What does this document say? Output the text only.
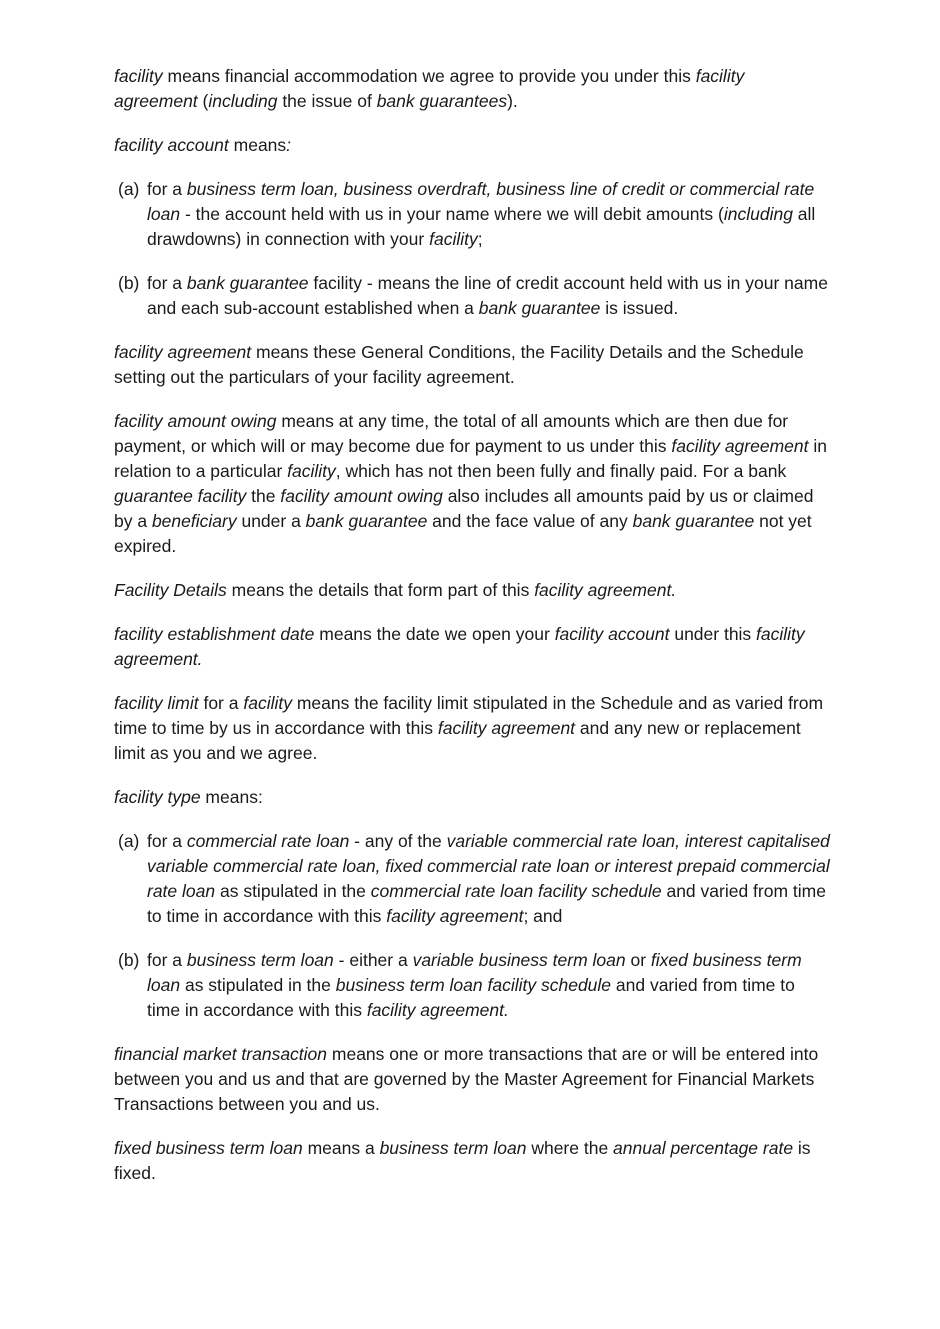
facility means financial accommodation we agree to provide you under this facility agreement (including the issue of bank guarantees).

facility account means:

(a) for a business term loan, business overdraft, business line of credit or commercial rate loan - the account held with us in your name where we will debit amounts (including all drawdowns) in connection with your facility;
(b) for a bank guarantee facility - means the line of credit account held with us in your name and each sub-account established when a bank guarantee is issued.

facility agreement means these General Conditions, the Facility Details and the Schedule setting out the particulars of your facility agreement.

facility amount owing means at any time, the total of all amounts which are then due for payment, or which will or may become due for payment to us under this facility agreement in relation to a particular facility, which has not then been fully and finally paid. For a bank guarantee facility the facility amount owing also includes all amounts paid by us or claimed by a beneficiary under a bank guarantee and the face value of any bank guarantee not yet expired.

Facility Details means the details that form part of this facility agreement.

facility establishment date means the date we open your facility account under this facility agreement.

facility limit for a facility means the facility limit stipulated in the Schedule and as varied from time to time by us in accordance with this facility agreement and any new or replacement limit as you and we agree.

facility type means:

(a) for a commercial rate loan - any of the variable commercial rate loan, interest capitalised variable commercial rate loan, fixed commercial rate loan or interest prepaid commercial rate loan as stipulated in the commercial rate loan facility schedule and varied from time to time in accordance with this facility agreement; and
(b) for a business term loan - either a variable business term loan or fixed business term loan as stipulated in the business term loan facility schedule and varied from time to time in accordance with this facility agreement.

financial market transaction means one or more transactions that are or will be entered into between you and us and that are governed by the Master Agreement for Financial Markets Transactions between you and us.

fixed business term loan means a business term loan where the annual percentage rate is fixed.
